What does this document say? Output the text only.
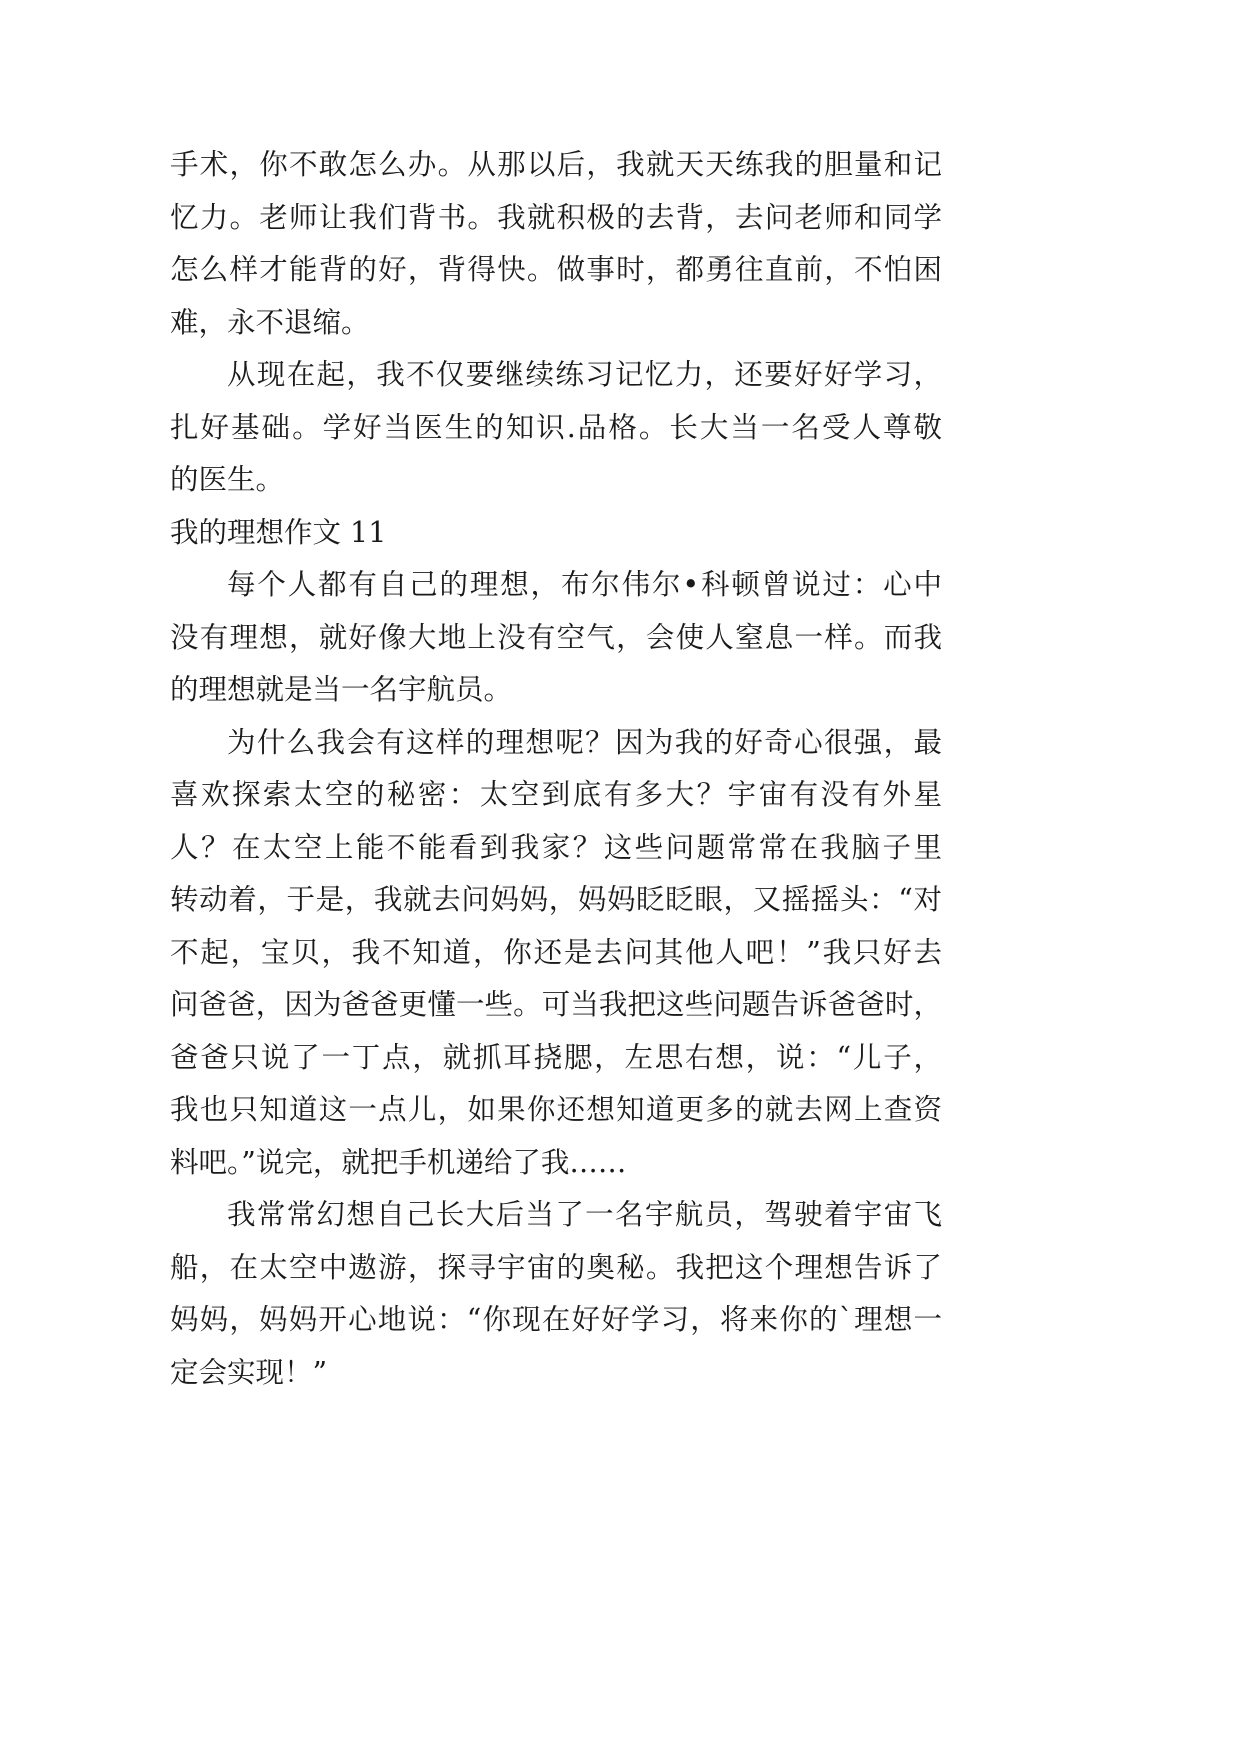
手术，你不敢怎么办。从那以后，我就天天练我的胆量和记
忆力。老师让我们背书。我就积极的去背，去问老师和同学
怎么样才能背的好，背得快。做事时，都勇往直前，不怕困
难，永不退缩。
从现在起，我不仅要继续练习记忆力，还要好好学习，
扎好基础。学好当医生的知识.品格。长大当一名受人尊敬
的医生。
我的理想作文 11
每个人都有自己的理想，布尔伟尔•科顿曾说过：心中
没有理想，就好像大地上没有空气，会使人窒息一样。而我
的理想就是当一名宇航员。
为什么我会有这样的理想呢？因为我的好奇心很强，最
喜欢探索太空的秘密：太空到底有多大？宇宙有没有外星
人？在太空上能不能看到我家？这些问题常常在我脑子里
转动着，于是，我就去问妈妈，妈妈眨眨眼，又摇摇头：“对
不起，宝贝，我不知道，你还是去问其他人吧！”我只好去
问爸爸，因为爸爸更懂一些。可当我把这些问题告诉爸爸时，
爸爸只说了一丁点，就抓耳挠腮，左思右想，说：“儿子，
我也只知道这一点儿，如果你还想知道更多的就去网上查资
料吧。”说完，就把手机递给了我……
我常常幻想自己长大后当了一名宇航员，驾驶着宇宙飞
船，在太空中遨游，探寻宇宙的奥秘。我把这个理想告诉了
妈妈，妈妈开心地说：“你现在好好学习，将来你的`理想一
定会实现！”
